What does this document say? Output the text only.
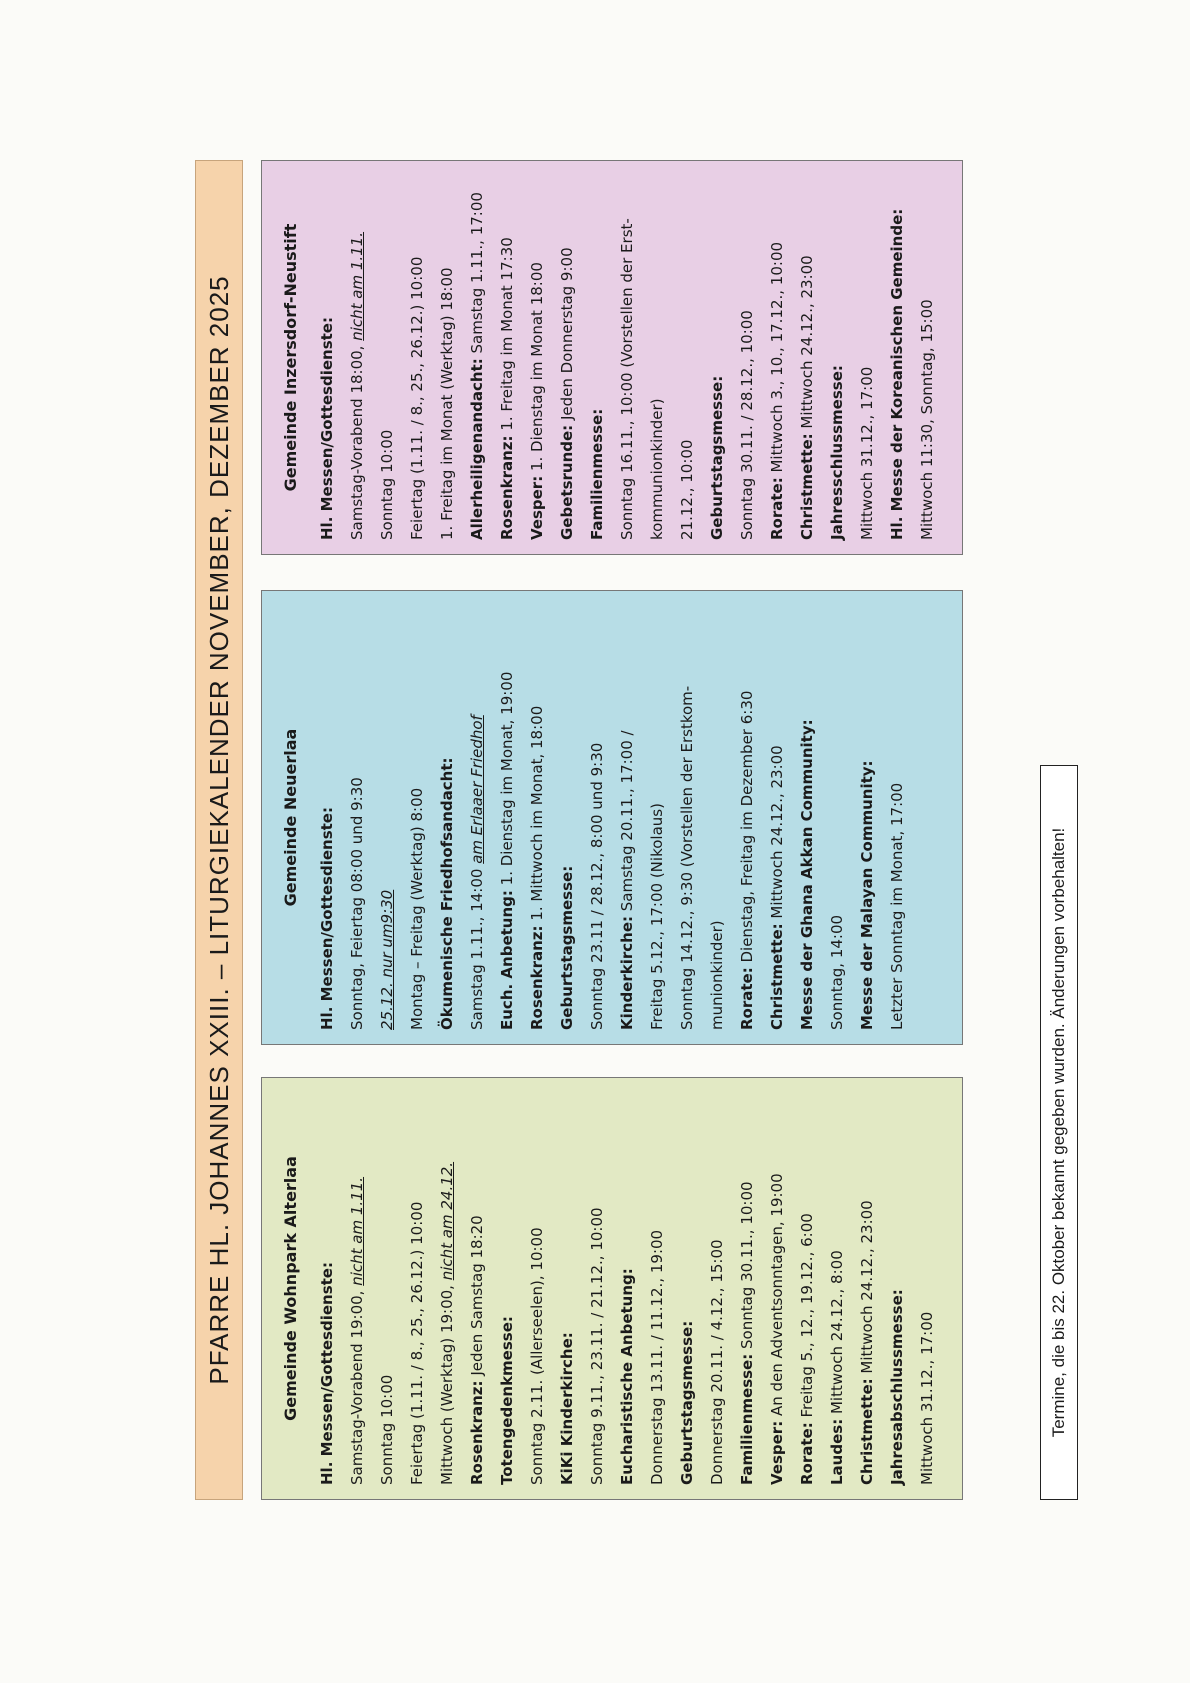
PFARRE HL. JOHANNES XXIII. – LITURGIEKALENDER NOVEMBER, DEZEMBER 2025	Gemeinde Wohnpark Alterlaa	Hl. Messen/Gottesdienste: Samstag-Vorabend 19:00, nicht am 1.11.
Sonntag 10:00 Feiertag (1.11. / 8., 25., 26.12.) 10:00 Mittwoch (Werktag) 19:00, nicht am 24.12.
Rosenkranz: Jeden Samstag 18:20
Totengedenkmesse: Sonntag 2.11. (Allerseelen), 10:00 KiKi Kinderkirche: Sonntag 9.11., 23.11. / 21.12., 10:00 Eucharistische Anbetung: Donnerstag 13.11. / 11.12., 19:00 Geburtstagsmesse: Donnerstag 20.11. / 4.12., 15:00 Familienmesse: Sonntag 30.11., 10:00
Vesper: An den Adventsonntagen, 19:00
Rorate: Freitag 5., 12., 19.12., 6:00
Laudes: Mittwoch 24.12., 8:00
Christmette: Mittwoch 24.12., 23:00 Jahresabschlussmesse: Mittwoch 31.12., 17:00
Gemeinde Neuerlaa	Hl. Messen/Gottesdienste: Sonntag, Feiertag 08:00 und 9:30 25.12. nur um9:30 Montag – Freitag (Werktag) 8:00 Ökumenische Friedhofsandacht: Samstag 1.11., 14:00 am Erlaaer Friedhof
Euch. Anbetung: 1. Dienstag im Monat, 19:00
Rosenkranz: 1. Mittwoch im Monat, 18:00
Geburtstagsmesse: Sonntag 23.11 / 28.12., 8:00 und 9:30 Kinderkirche: Samstag 20.11., 17:00 / Freitag 5.12., 17:00 (Nikolaus) Sonntag 14.12., 9:30 (Vorstellen der Erstkom- munionkinder) Rorate: Dienstag, Freitag im Dezember 6:30
Christmette: Mittwoch 24.12., 23:00 Messe der Ghana Akkan Community: Sonntag, 14:00 Messe der Malayan Community: Letzter Sonntag im Monat, 17:00
Gemeinde Inzersdorf-Neustift	Hl. Messen/Gottesdienste: Samstag-Vorabend 18:00, nicht am 1.11.
Sonntag 10:00 Feiertag (1.11. / 8., 25., 26.12.) 10:00 1. Freitag im Monat (Werktag) 18:00 Allerheiligenandacht: Samstag 1.11., 17:00
Rosenkranz: 1. Freitag im Monat 17:30
Vesper: 1. Dienstag im Monat 18:00
Gebetsrunde: Jeden Donnerstag 9:00
Familienmesse: Sonntag 16.11., 10:00 (Vorstellen der Erst- kommunionkinder) 21.12., 10:00 Geburtstagsmesse: Sonntag 30.11. / 28.12., 10:00 Rorate: Mittwoch 3., 10., 17.12., 10:00
Christmette: Mittwoch 24.12., 23:00
Jahresschlussmesse: Mittwoch 31.12., 17:00 Hl. Messe der Koreanischen Gemeinde: Mittwoch 11:30, Sonntag, 15:00
Termine, die bis 22. Oktober bekannt gegeben wurden. Änderungen vorbehalten!
